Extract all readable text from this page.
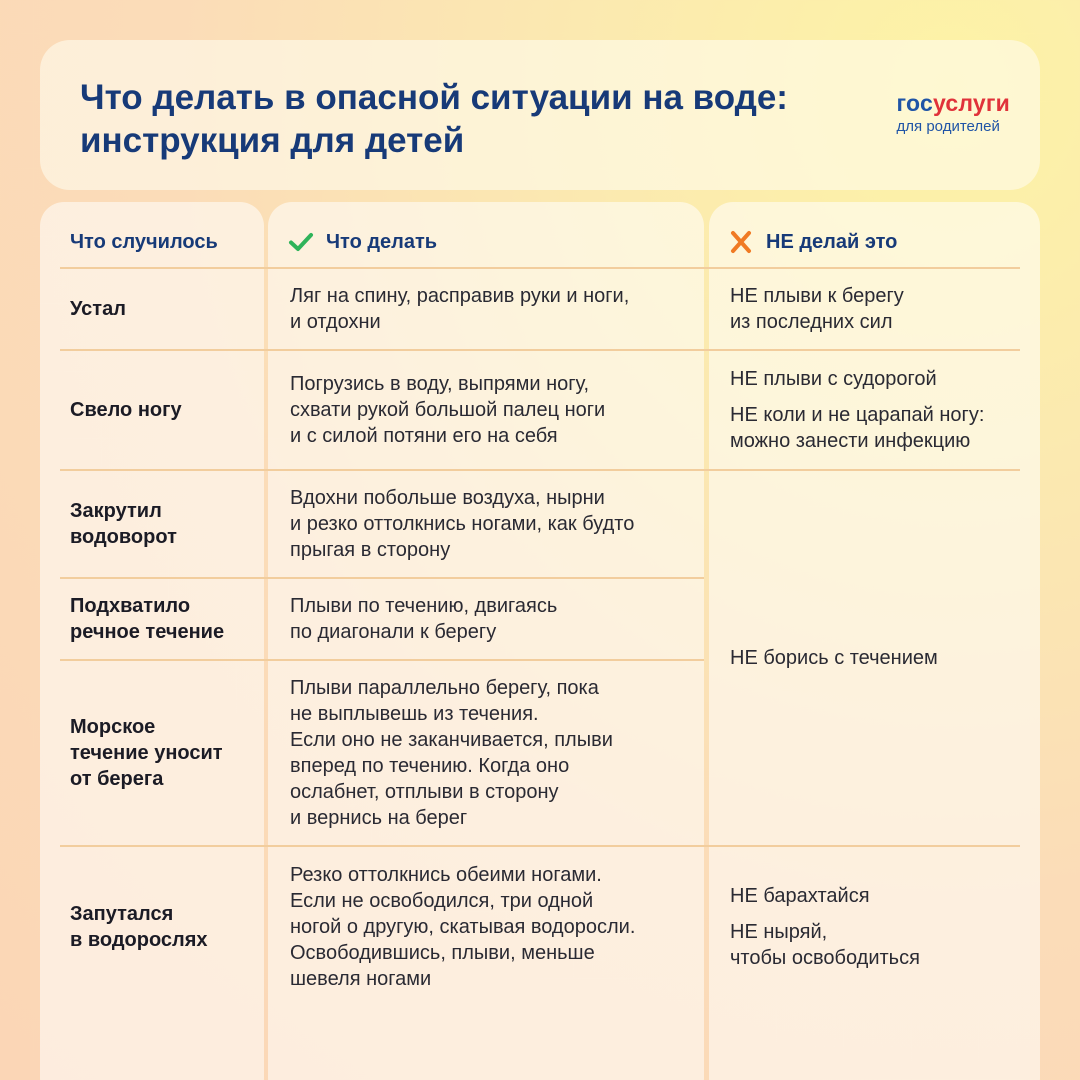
Что делать в опасной ситуации на воде:
инструкция для детей
госуслуги
для родителей
Что случилось	Что делать	НЕ делай это
Устал
Ляг на спину, расправив руки и ноги,
и отдохни
НЕ плыви к берегу
из последних сил
Свело ногу
Погрузись в воду, выпрями ногу,
схвати рукой большой палец ноги
и с силой потяни его на себя
НЕ плыви с судорогой
НЕ коли и не царапай ногу:
можно занести инфекцию
Закрутил
водоворот
Вдохни побольше воздуха, нырни
и резко оттолкнись ногами, как будто
прыгая в сторону
Подхватило
речное течение
Плыви по течению, двигаясь
по диагонали к берегу
НЕ борись с течением
Морское
течение уносит
от берега
Плыви параллельно берегу, пока
не выплывешь из течения.
Если оно не заканчивается, плыви
вперед по течению. Когда оно
ослабнет, отплыви в сторону
и вернись на берег
Запутался
в водорослях
Резко оттолкнись обеими ногами.
Если не освободился, три одной
ногой о другую, скатывая водоросли.
Освободившись, плыви, меньше
шевеля ногами
НЕ барахтайся
НЕ ныряй,
чтобы освободиться
